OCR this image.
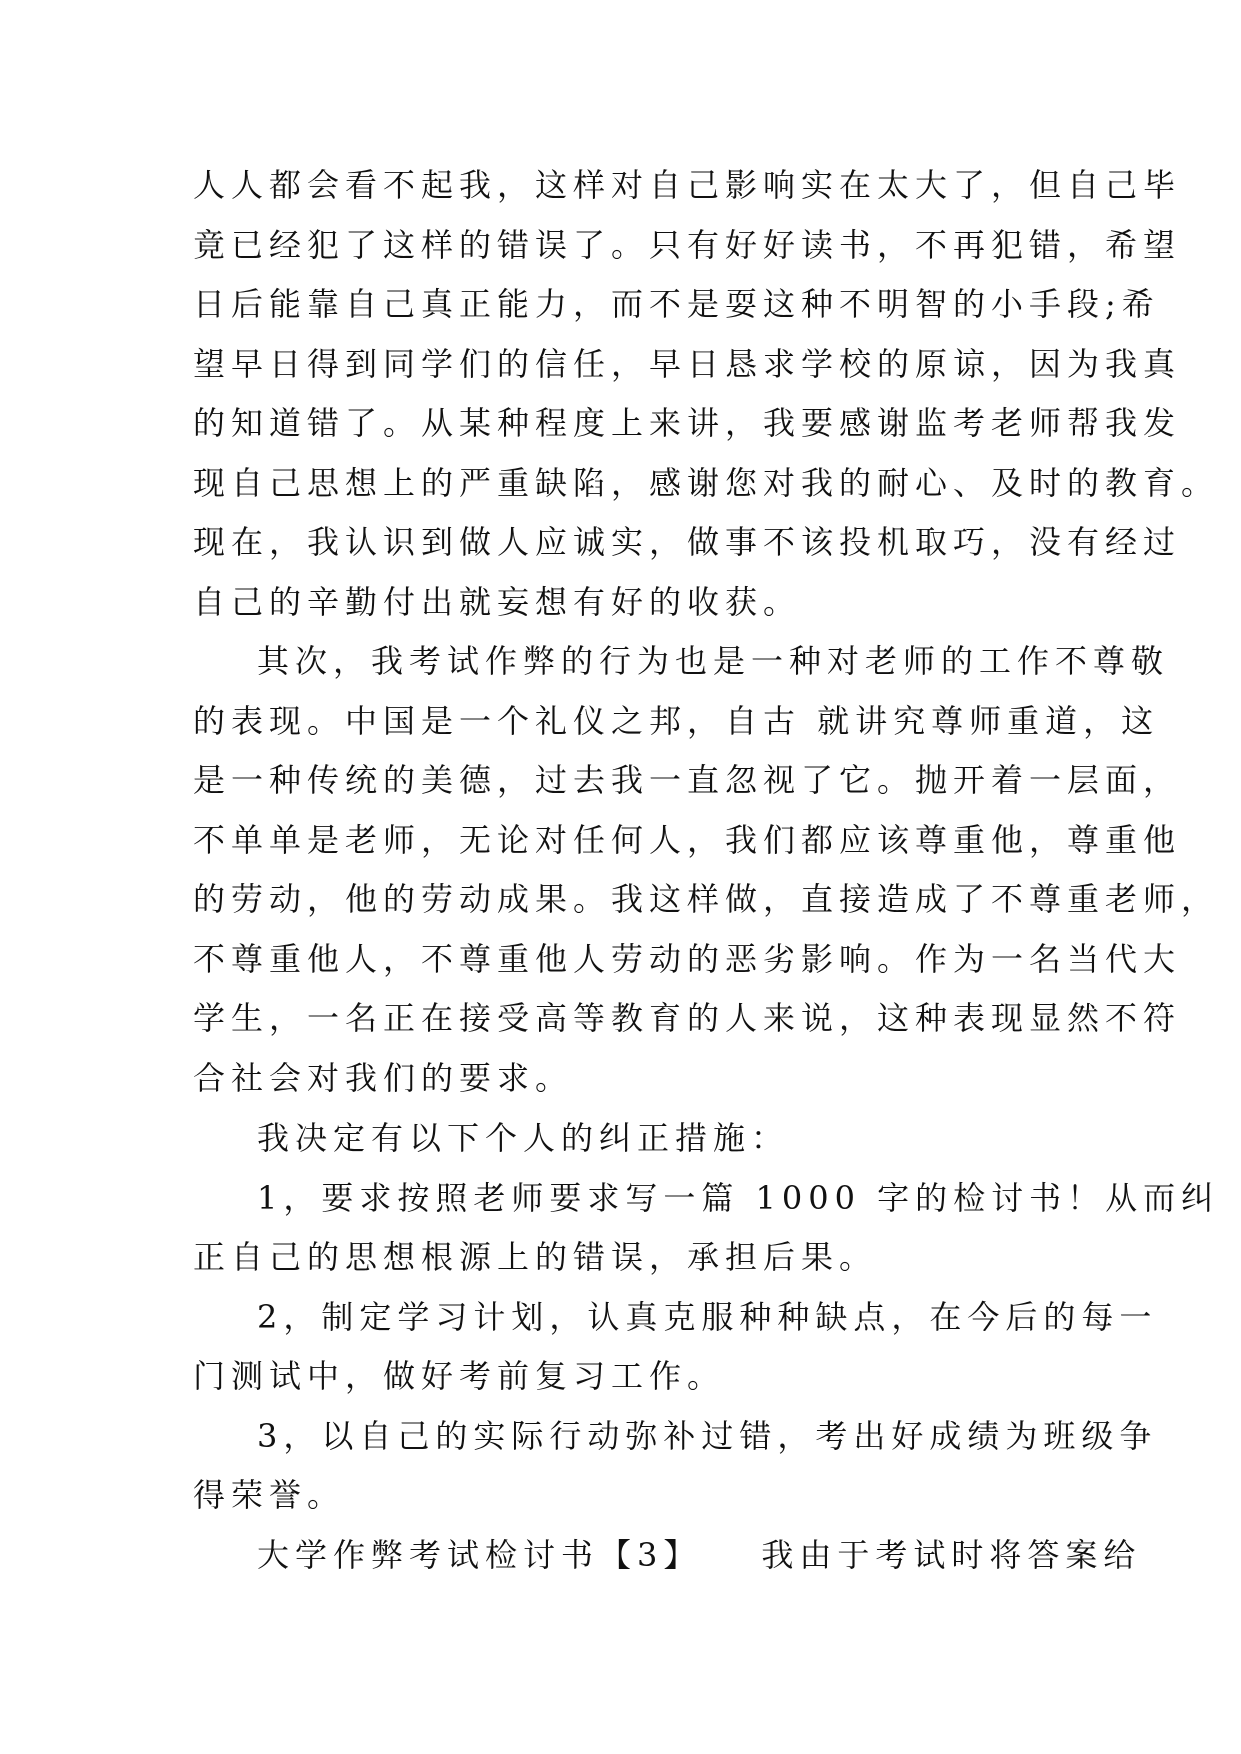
人人都会看不起我，这样对自己影响实在太大了，但自己毕
竟已经犯了这样的错误了。只有好好读书，不再犯错，希望
日后能靠自己真正能力，而不是耍这种不明智的小手段;希
望早日得到同学们的信任，早日恳求学校的原谅，因为我真
的知道错了。从某种程度上来讲，我要感谢监考老师帮我发
现自己思想上的严重缺陷，感谢您对我的耐心、及时的教育。
现在，我认识到做人应诚实，做事不该投机取巧，没有经过
自己的辛勤付出就妄想有好的收获。
其次，我考试作弊的行为也是一种对老师的工作不尊敬
的表现。中国是一个礼仪之邦，自古 就讲究尊师重道，这
是一种传统的美德，过去我一直忽视了它。抛开着一层面，
不单单是老师，无论对任何人，我们都应该尊重他，尊重他
的劳动，他的劳动成果。我这样做，直接造成了不尊重老师，
不尊重他人，不尊重他人劳动的恶劣影响。作为一名当代大
学生，一名正在接受高等教育的人来说，这种表现显然不符
合社会对我们的要求。
我决定有以下个人的纠正措施：
1，要求按照老师要求写一篇 1000 字的检讨书！从而纠
正自己的思想根源上的错误，承担后果。
2，制定学习计划，认真克服种种缺点，在今后的每一
门测试中，做好考前复习工作。
3，以自己的实际行动弥补过错，考出好成绩为班级争
得荣誉。
大学作弊考试检讨书【3】　　我由于考试时将答案给
